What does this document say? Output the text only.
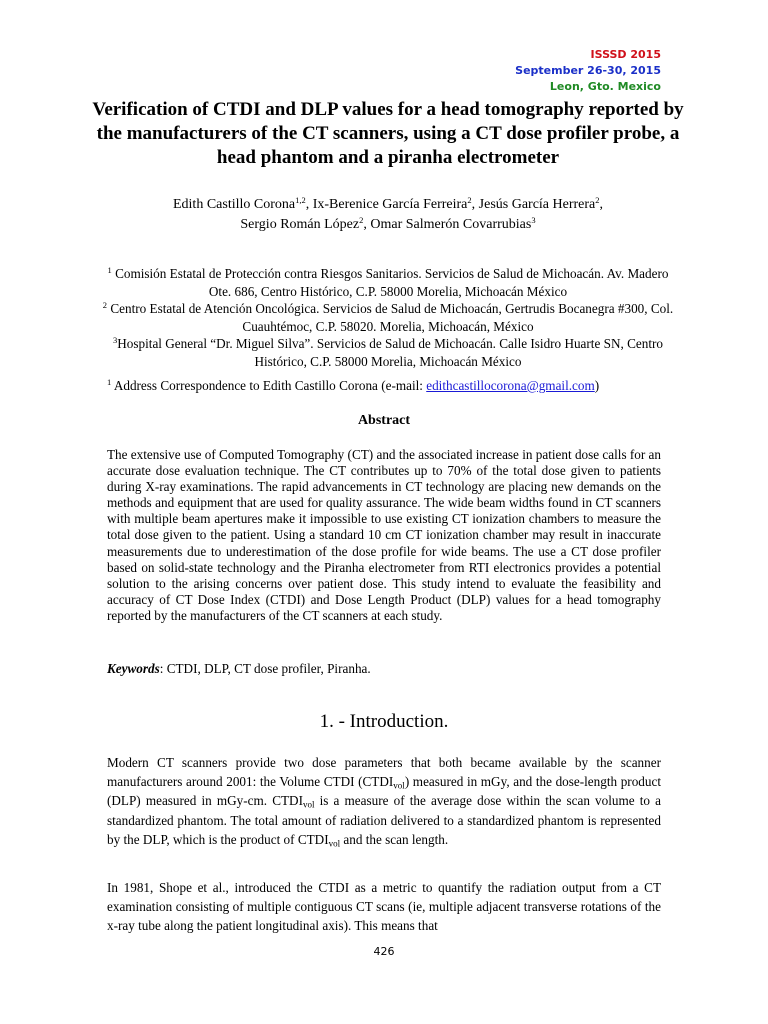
ISSSD 2015
September 26-30, 2015
Leon, Gto. Mexico
Verification of CTDI and DLP values for a head tomography reported by the manufacturers of the CT scanners, using a CT dose profiler probe, a head phantom and a piranha electrometer
Edith Castillo Corona$^{1,2}$, Ix-Berenice García Ferreira$^2$, Jesús García Herrera$^2$,
Sergio Román López$^2$, Omar Salmerón Covarrubias$^3$
$^1$ Comisión Estatal de Protección contra Riesgos Sanitarios. Servicios de Salud de Michoacán. Av. Madero Ote. 686, Centro Histórico, C.P. 58000 Morelia, Michoacán México
$^2$ Centro Estatal de Atención Oncológica. Servicios de Salud de Michoacán, Gertrudis Bocanegra #300, Col. Cuauhtémoc, C.P. 58020. Morelia, Michoacán, México
$^3$Hospital General “Dr. Miguel Silva”. Servicios de Salud de Michoacán. Calle Isidro Huarte SN, Centro Histórico, C.P. 58000 Morelia, Michoacán México
$^1$ Address Correspondence to Edith Castillo Corona (e-mail: edithcastillocorona@gmail.com)
Abstract
The extensive use of Computed Tomography (CT) and the associated increase in patient dose calls for an accurate dose evaluation technique. The CT contributes up to 70% of the total dose given to patients during X-ray examinations. The rapid advancements in CT technology are placing new demands on the methods and equipment that are used for quality assurance. The wide beam widths found in CT scanners with multiple beam apertures make it impossible to use existing CT ionization chambers to measure the total dose given to the patient. Using a standard 10 cm CT ionization chamber may result in inaccurate measurements due to underestimation of the dose profile for wide beams. The use a CT dose profiler based on solid-state technology and the Piranha electrometer from RTI electronics provides a potential solution to the arising concerns over patient dose. This study intend to evaluate the feasibility and accuracy of CT Dose Index (CTDI) and Dose Length Product (DLP) values for a head tomography reported by the manufacturers of the CT scanners at each study.
Keywords: CTDI, DLP, CT dose profiler, Piranha.
1. - Introduction.
Modern CT scanners provide two dose parameters that both became available by the scanner manufacturers around 2001: the Volume CTDI $(CTDI_{vol})$ measured in mGy, and the dose-length product (DLP) measured in mGy-cm. $CTDI_{vol}$ is a measure of the average dose within the scan volume to a standardized phantom. The total amount of radiation delivered to a standardized phantom is represented by the DLP, which is the product of $CTDI_{vol}$ and the scan length.
In 1981, Shope et al., introduced the CTDI as a metric to quantify the radiation output from a CT examination consisting of multiple contiguous CT scans (ie, multiple adjacent transverse rotations of the x-ray tube along the patient longitudinal axis). This means that
426
